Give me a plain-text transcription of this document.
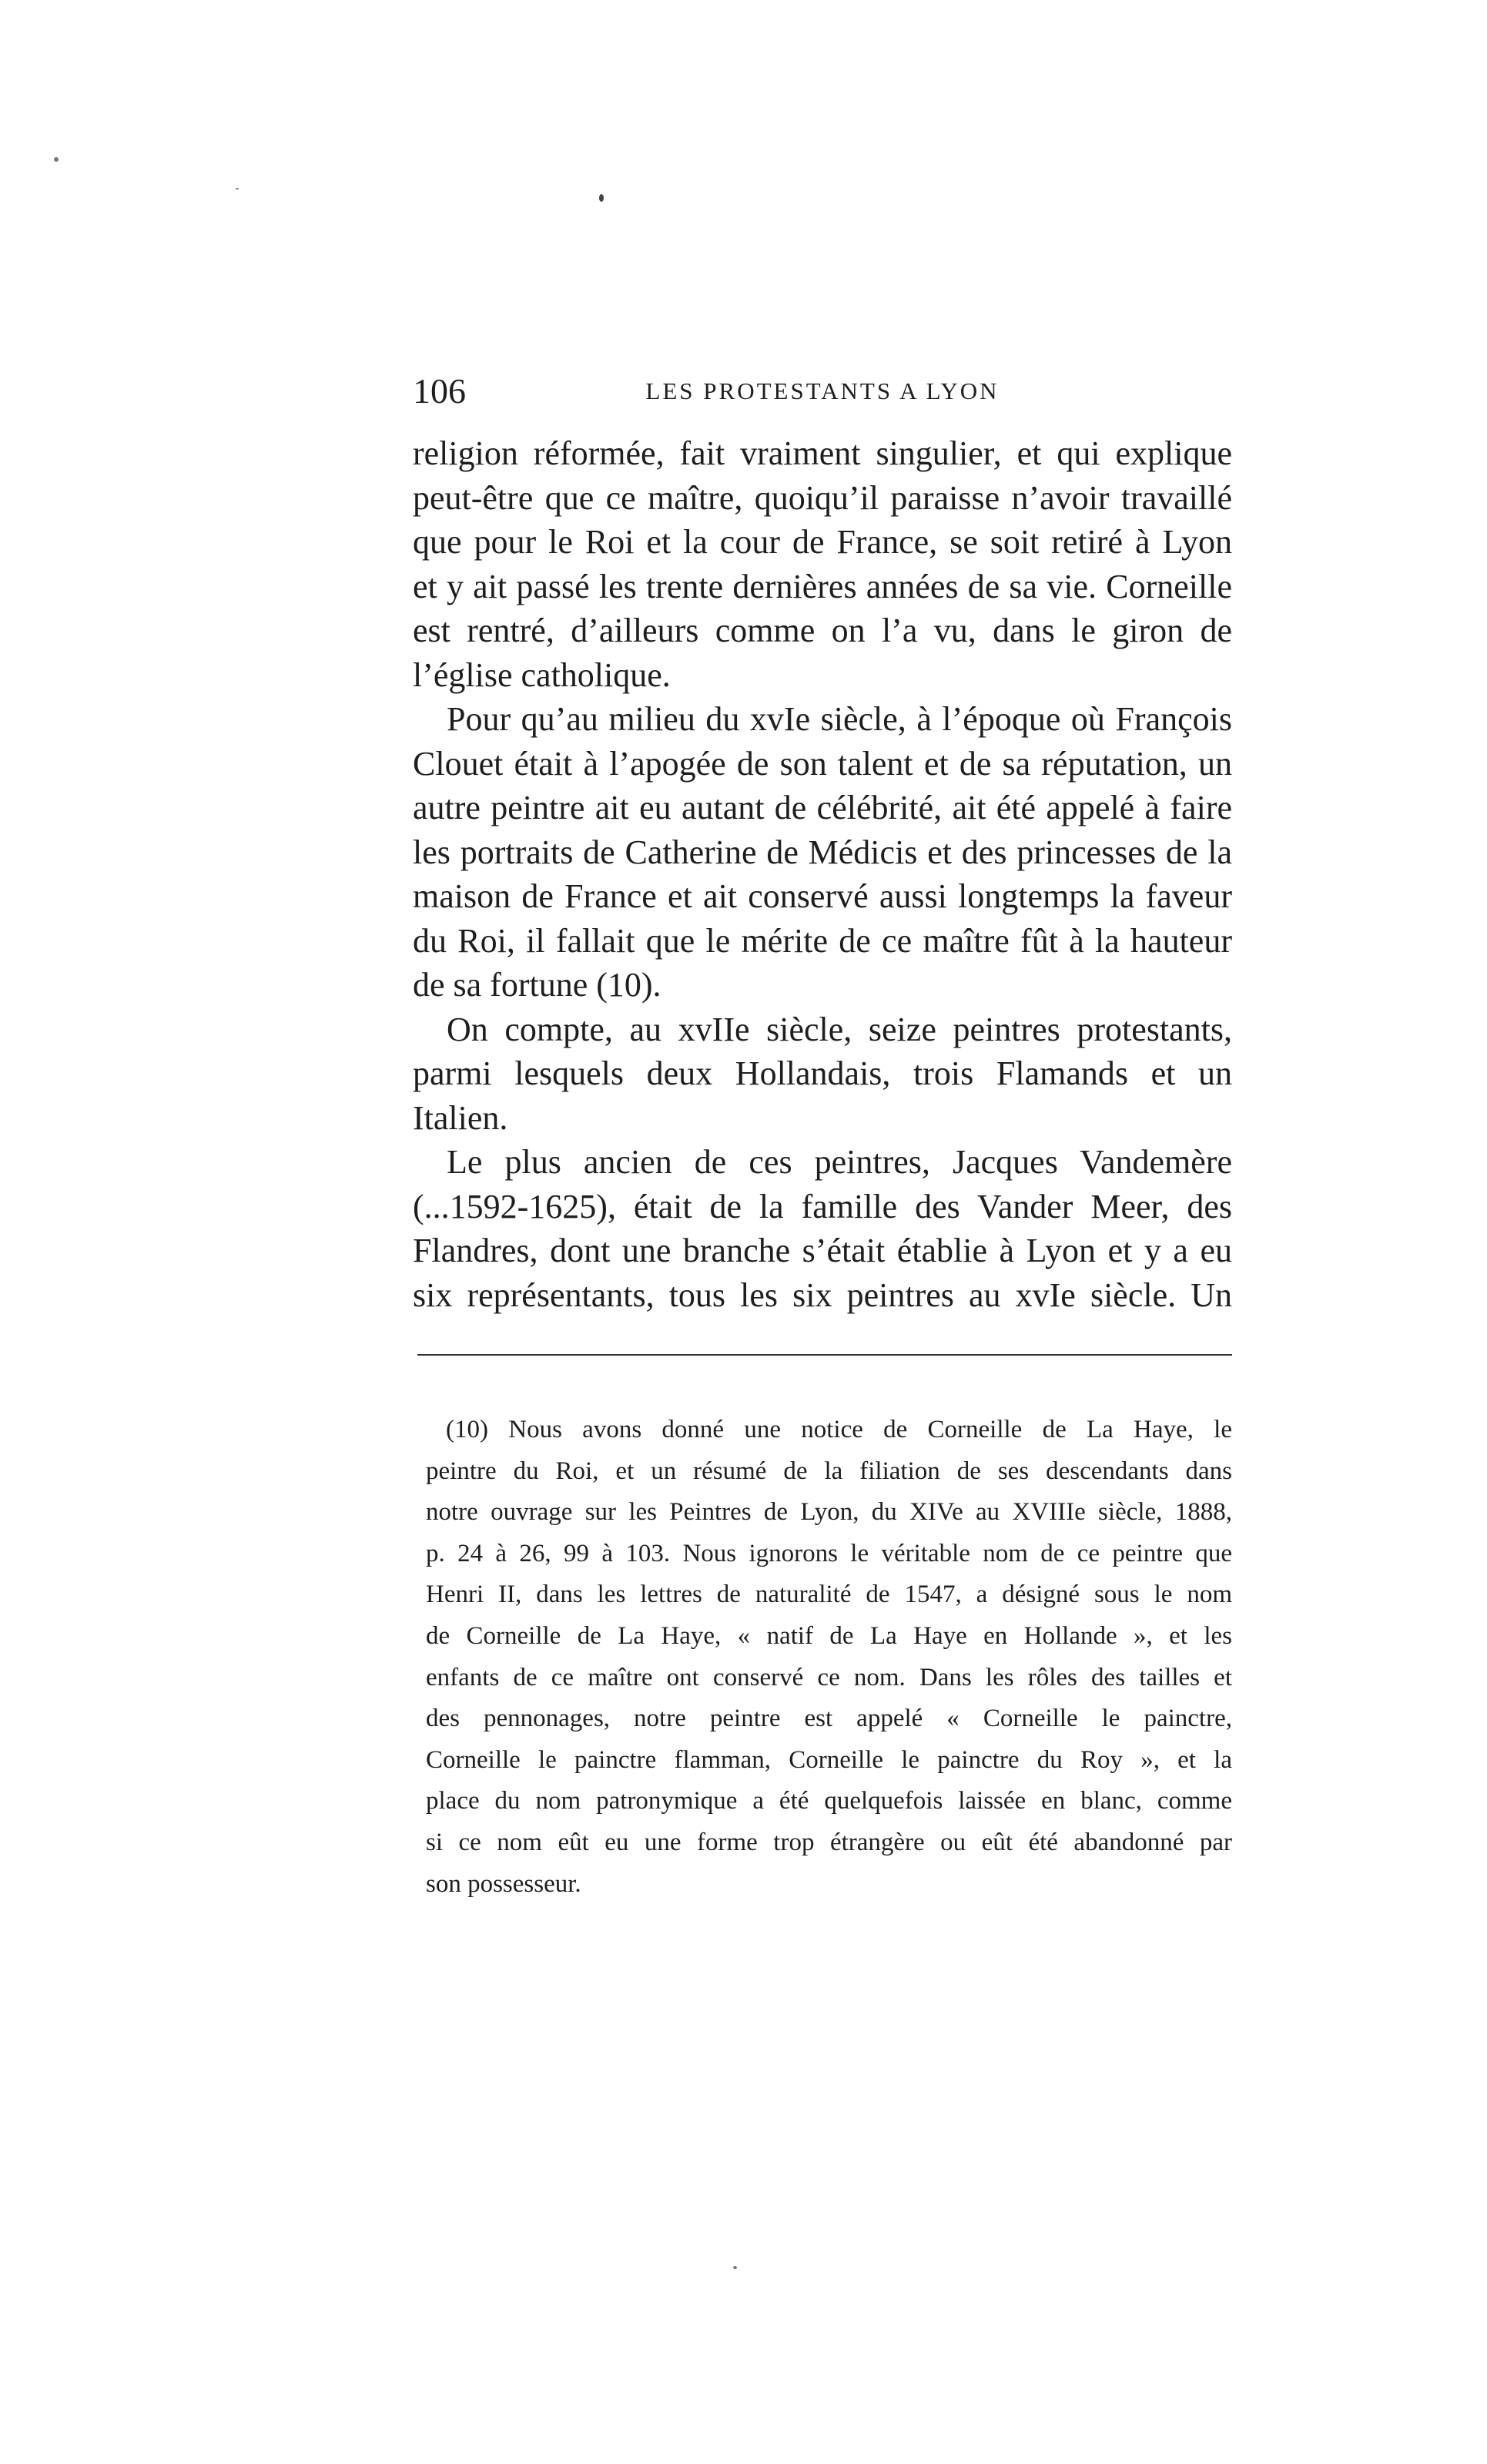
106	LES PROTESTANTS A LYON

religion réformée, fait vraiment singulier, et qui explique
peut-être que ce maître, quoiqu’il paraisse n’avoir travaillé
que pour le Roi et la cour de France, se soit retiré à Lyon
et y ait passé les trente dernières années de sa vie. Corneille
est rentré, d’ailleurs comme on l’a vu, dans le giron de
l’église catholique.

Pour qu’au milieu du xvIe siècle, à l’époque où François
Clouet était à l’apogée de son talent et de sa réputation, un
autre peintre ait eu autant de célébrité, ait été appelé à faire
les portraits de Catherine de Médicis et des princesses de la
maison de France et ait conservé aussi longtemps la faveur
du Roi, il fallait que le mérite de ce maître fût à la hauteur
de sa fortune (10).

On compte, au xvIIe siècle, seize peintres protestants,
parmi lesquels deux Hollandais, trois Flamands et un
Italien.

Le plus ancien de ces peintres, Jacques Vandemère
(...1592-1625), était de la famille des Vander Meer, des
Flandres, dont une branche s’était établie à Lyon et y a eu
six représentants, tous les six peintres au xvIe siècle. Un

(10) Nous avons donné une notice de Corneille de La Haye, le
peintre du Roi, et un résumé de la filiation de ses descendants dans
notre ouvrage sur les Peintres de Lyon, du XIVe au XVIIIe siècle, 1888,
p. 24 à 26, 99 à 103. Nous ignorons le véritable nom de ce peintre que
Henri II, dans les lettres de naturalité de 1547, a désigné sous le nom
de Corneille de La Haye, « natif de La Haye en Hollande », et les
enfants de ce maître ont conservé ce nom. Dans les rôles des tailles et
des pennonages, notre peintre est appelé « Corneille le painctre,
Corneille le painctre flamman, Corneille le painctre du Roy », et la
place du nom patronymique a été quelquefois laissée en blanc, comme
si ce nom eût eu une forme trop étrangère ou eût été abandonné par
son possesseur.
